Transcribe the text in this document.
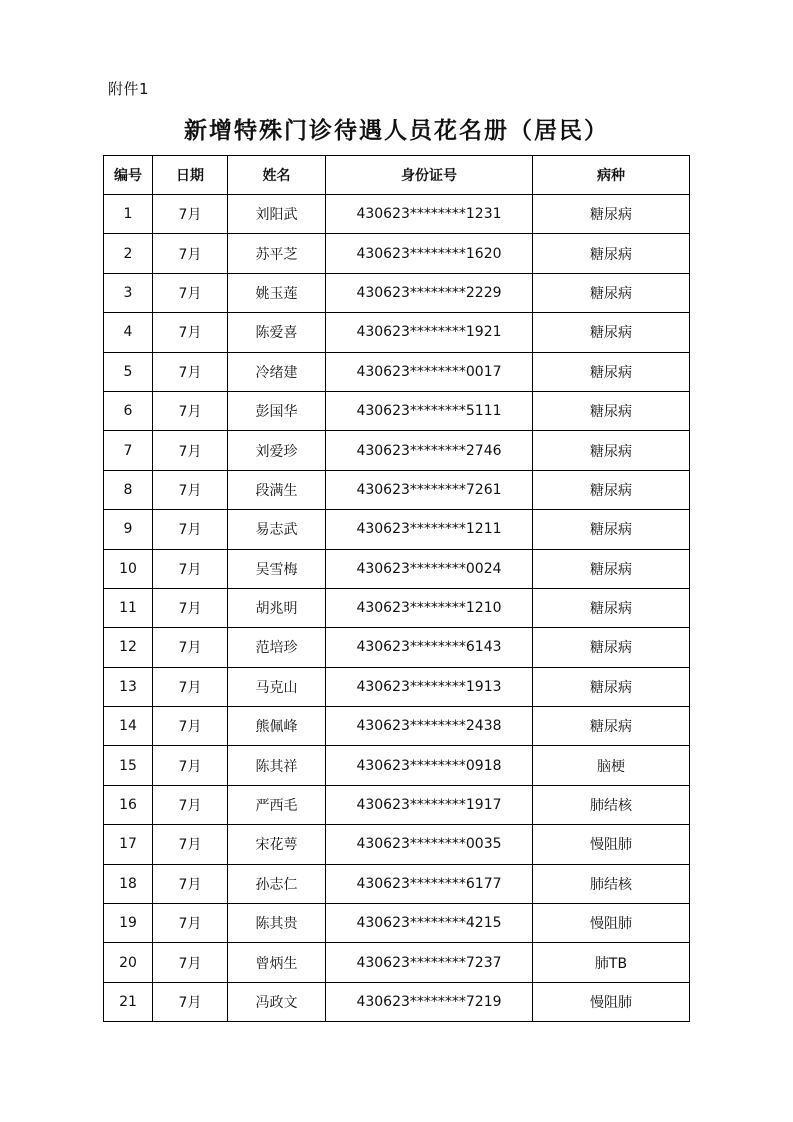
附件1
新增特殊门诊待遇人员花名册（居民）
编号	日期	姓名	身份证号	病种
1	7月	刘阳武	430623********1231	糖尿病
2	7月	苏平芝	430623********1620	糖尿病
3	7月	姚玉莲	430623********2229	糖尿病
4	7月	陈爱喜	430623********1921	糖尿病
5	7月	冷绪建	430623********0017	糖尿病
6	7月	彭国华	430623********5111	糖尿病
7	7月	刘爱珍	430623********2746	糖尿病
8	7月	段满生	430623********7261	糖尿病
9	7月	易志武	430623********1211	糖尿病
10	7月	吴雪梅	430623********0024	糖尿病
11	7月	胡兆明	430623********1210	糖尿病
12	7月	范培珍	430623********6143	糖尿病
13	7月	马克山	430623********1913	糖尿病
14	7月	熊佩峰	430623********2438	糖尿病
15	7月	陈其祥	430623********0918	脑梗
16	7月	严西毛	430623********1917	肺结核
17	7月	宋花萼	430623********0035	慢阻肺
18	7月	孙志仁	430623********6177	肺结核
19	7月	陈其贵	430623********4215	慢阻肺
20	7月	曾炳生	430623********7237	肺TB
21	7月	冯政文	430623********7219	慢阻肺
